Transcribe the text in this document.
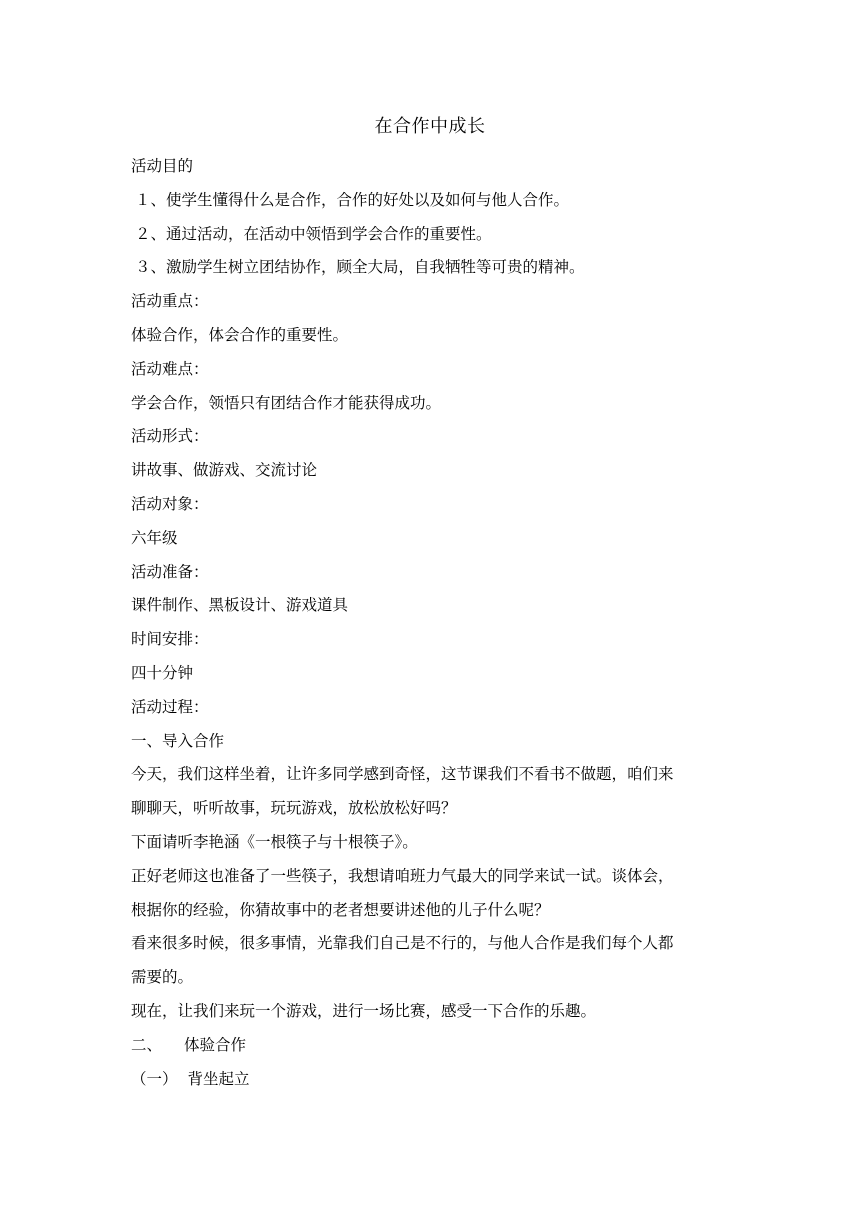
在合作中成长
活动目的
１、使学生懂得什么是合作，合作的好处以及如何与他人合作。
２、通过活动，在活动中领悟到学会合作的重要性。
３、激励学生树立团结协作，顾全大局，自我牺牲等可贵的精神。
活动重点：
体验合作，体会合作的重要性。
活动难点：
学会合作，领悟只有团结合作才能获得成功。
活动形式：
讲故事、做游戏、交流讨论
活动对象：
六年级
活动准备：
课件制作、黑板设计、游戏道具
时间安排：
四十分钟
活动过程：
一、导入合作
今天，我们这样坐着，让许多同学感到奇怪，这节课我们不看书不做题，咱们来
聊聊天，听听故事，玩玩游戏，放松放松好吗？
下面请听李艳涵《一根筷子与十根筷子》。
正好老师这也准备了一些筷子，我想请咱班力气最大的同学来试一试。谈体会，
根据你的经验，你猜故事中的老者想要讲述他的儿子什么呢？
看来很多时候，很多事情，光靠我们自己是不行的，与他人合作是我们每个人都
需要的。
现在，让我们来玩一个游戏，进行一场比赛，感受一下合作的乐趣。
二、 体验合作
（一） 背坐起立
